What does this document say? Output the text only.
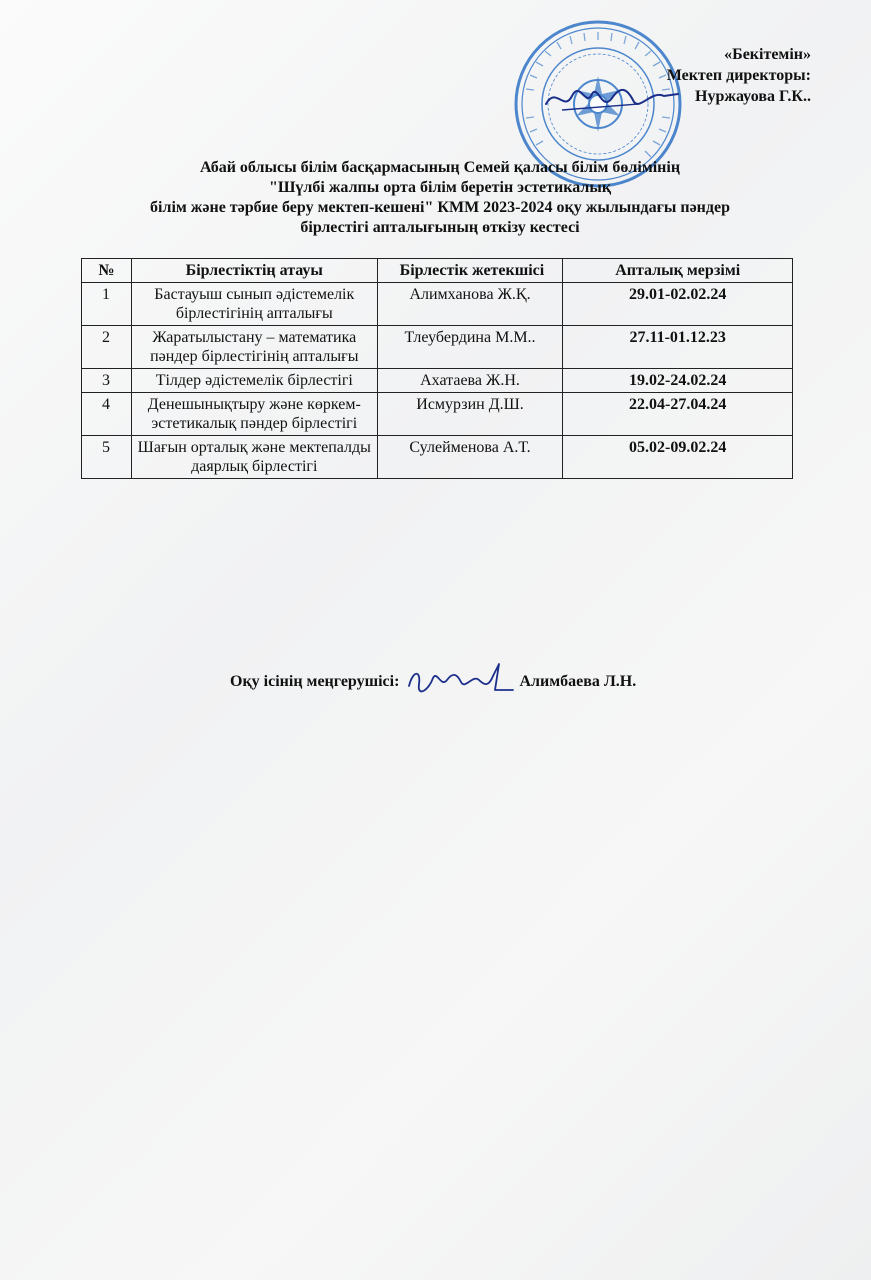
«Бекітемін»
Мектеп директоры:
Нуржауова Г.К..
Абай облысы білім басқармасының Семей қаласы білім бөлімінің
"Шүлбі жалпы орта білім беретін эстетикалық
білім және тәрбие беру мектеп-кешені" КММ 2023-2024 оқу жылындағы пәндер
бірлестігі апталығының өткізу кестесі
№	Бірлестіктің атауы	Бірлестік жетекшісі	Апталық мерзімі
1	Бастауыш сынып әдістемелік бірлестігінің апталығы	Алимханова Ж.Қ.	29.01-02.02.24
2	Жаратылыстану – математика пәндер бірлестігінің апталығы	Тлеубердина М.М..	27.11-01.12.23
3	Тілдер әдістемелік бірлестігі	Ахатаева Ж.Н.	19.02-24.02.24
4	Денешынықтыру және көркем-эстетикалық пәндер бірлестігі	Исмурзин Д.Ш.	22.04-27.04.24
5	Шағын орталық және мектепалды даярлық бірлестігі	Сулейменова А.Т.	05.02-09.02.24
Оқу ісінің меңгерушісі:	Алимбаева Л.Н.
